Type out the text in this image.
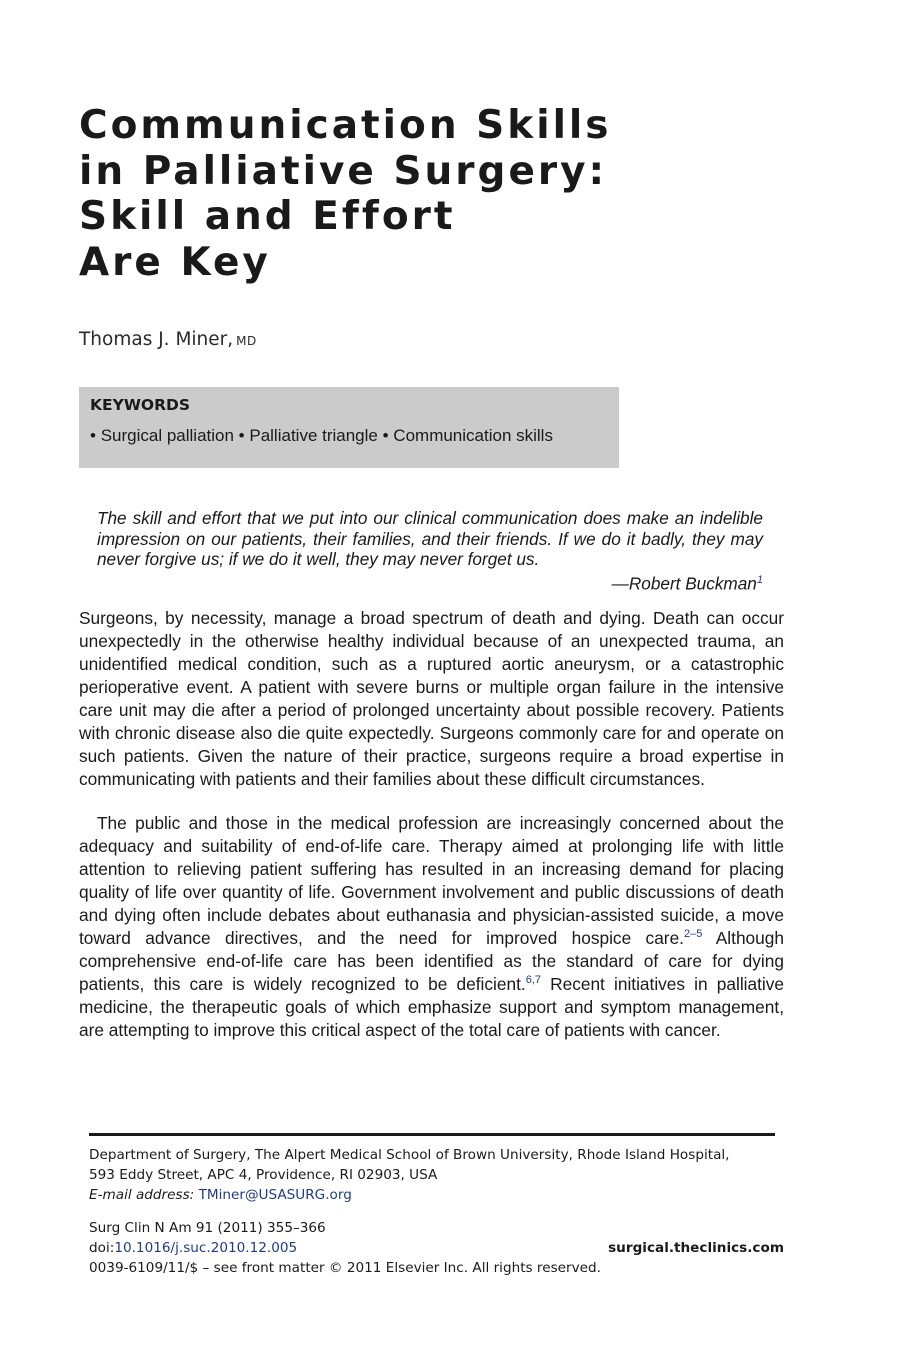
Communication Skills
in Palliative Surgery:
Skill and Effort
Are Key
Thomas J. Miner, MD
KEYWORDS
• Surgical palliation • Palliative triangle • Communication skills
The skill and effort that we put into our clinical communication does make an indelible impression on our patients, their families, and their friends. If we do it badly, they may never forgive us; if we do it well, they may never forget us.
—Robert Buckman$^1$
Surgeons, by necessity, manage a broad spectrum of death and dying. Death can occur unexpectedly in the otherwise healthy individual because of an unexpected trauma, an unidentified medical condition, such as a ruptured aortic aneurysm, or a catastrophic perioperative event. A patient with severe burns or multiple organ failure in the intensive care unit may die after a period of prolonged uncertainty about possible recovery. Patients with chronic disease also die quite expectedly. Surgeons commonly care for and operate on such patients. Given the nature of their practice, surgeons require a broad expertise in communicating with patients and their families about these difficult circumstances.
The public and those in the medical profession are increasingly concerned about the adequacy and suitability of end-of-life care. Therapy aimed at prolonging life with little attention to relieving patient suffering has resulted in an increasing demand for placing quality of life over quantity of life. Government involvement and public discussions of death and dying often include debates about euthanasia and physician-assisted suicide, a move toward advance directives, and the need for improved hospice care.$^{2-5}$ Although comprehensive end-of-life care has been identified as the standard of care for dying patients, this care is widely recognized to be deficient.$^{6,7}$ Recent initiatives in palliative medicine, the therapeutic goals of which emphasize support and symptom management, are attempting to improve this critical aspect of the total care of patients with cancer.
Department of Surgery, The Alpert Medical School of Brown University, Rhode Island Hospital,
593 Eddy Street, APC 4, Providence, RI 02903, USA
E-mail address: TMiner@USASURG.org
Surg Clin N Am 91 (2011) 355–366
doi:10.1016/j.suc.2010.12.005
0039-6109/11/$ – see front matter © 2011 Elsevier Inc. All rights reserved.
surgical.theclinics.com
